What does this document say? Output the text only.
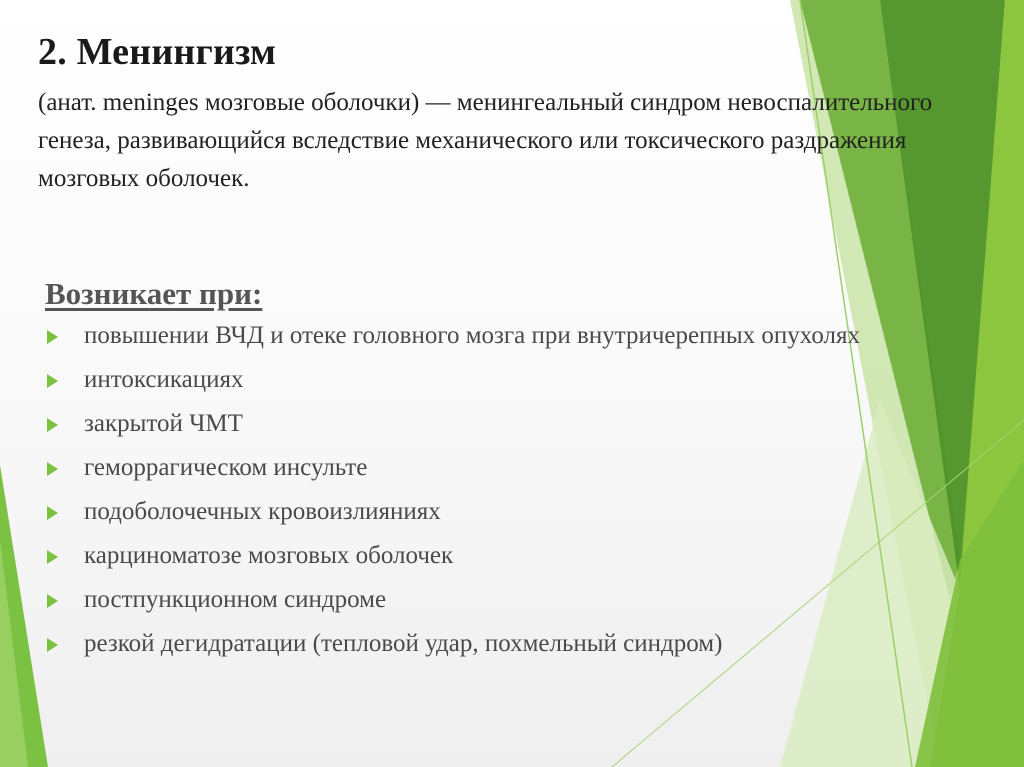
2. Менингизм

(анат. meninges мозговые оболочки) — менингеальный синдром невоспалительного генеза, развивающийся вследствие механического или токсического раздражения мозговых оболочек.

Возникает при:
повышении ВЧД и отеке головного мозга при внутричерепных опухолях
интоксикациях
закрытой ЧМТ
геморрагическом инсульте
подоболочечных кровоизлияниях
карциноматозе мозговых оболочек
постпункционном синдроме
резкой дегидратации (тепловой удар, похмельный синдром)
